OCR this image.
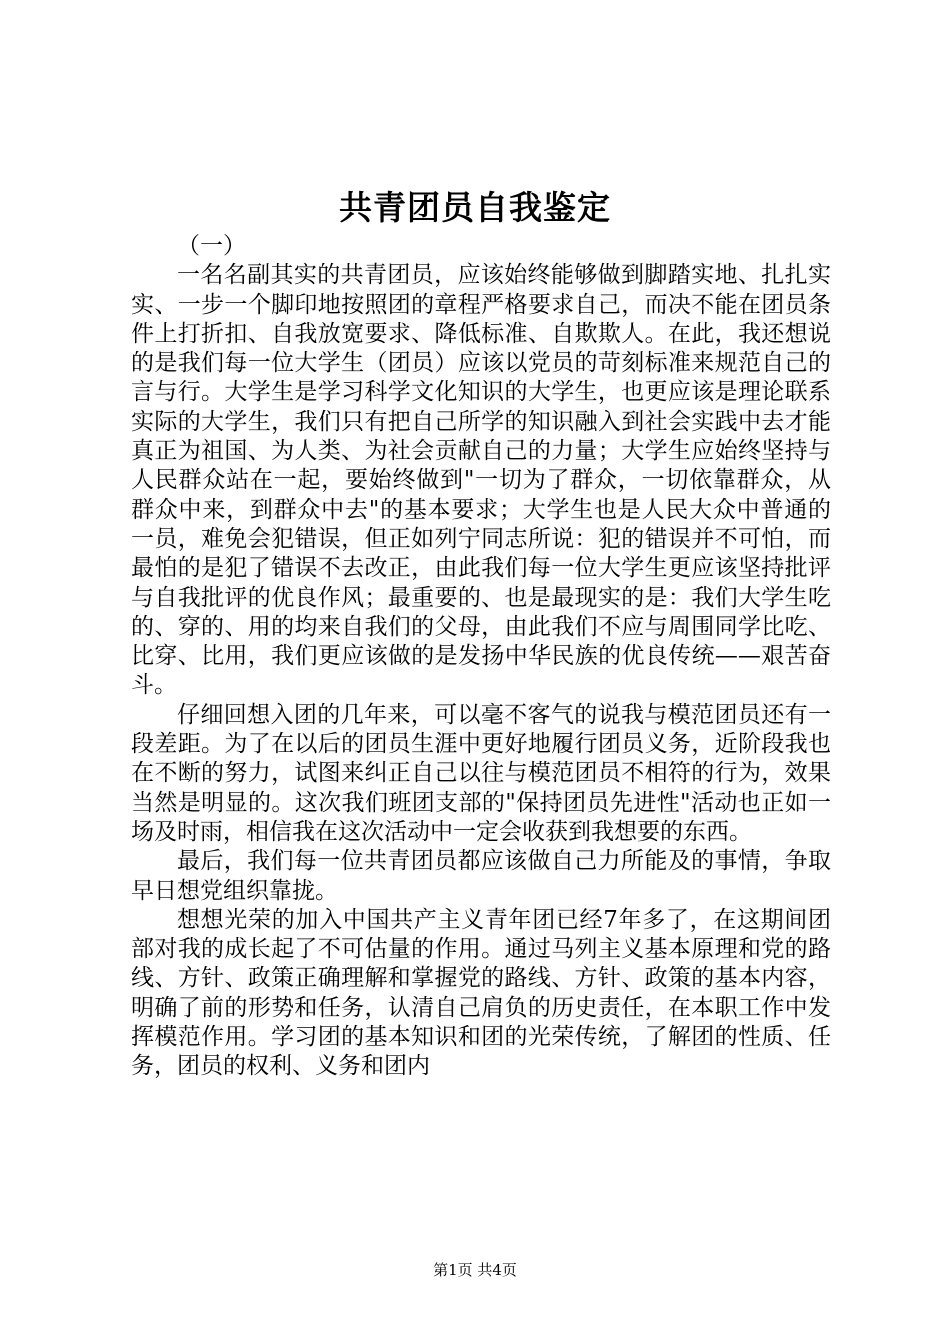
共青团员自我鉴定

（一）

一名名副其实的共青团员，应该始终能够做到脚踏实地、扎扎实实、一步一个脚印地按照团的章程严格要求自己，而决不能在团员条件上打折扣、自我放宽要求、降低标准、自欺欺人。在此，我还想说的是我们每一位大学生（团员）应该以党员的苛刻标准来规范自己的言与行。大学生是学习科学文化知识的大学生，也更应该是理论联系实际的大学生，我们只有把自己所学的知识融入到社会实践中去才能真正为祖国、为人类、为社会贡献自己的力量；大学生应始终坚持与人民群众站在一起，要始终做到"一切为了群众，一切依靠群众，从群众中来，到群众中去"的基本要求；大学生也是人民大众中普通的一员，难免会犯错误，但正如列宁同志所说：犯的错误并不可怕，而最怕的是犯了错误不去改正，由此我们每一位大学生更应该坚持批评与自我批评的优良作风；最重要的、也是最现实的是：我们大学生吃的、穿的、用的均来自我们的父母，由此我们不应与周围同学比吃、比穿、比用，我们更应该做的是发扬中华民族的优良传统——艰苦奋斗。

仔细回想入团的几年来，可以毫不客气的说我与模范团员还有一段差距。为了在以后的团员生涯中更好地履行团员义务，近阶段我也在不断的努力，试图来纠正自己以往与模范团员不相符的行为，效果当然是明显的。这次我们班团支部的"保持团员先进性"活动也正如一场及时雨，相信我在这次活动中一定会收获到我想要的东西。

最后，我们每一位共青团员都应该做自己力所能及的事情，争取早日想党组织靠拢。

想想光荣的加入中国共产主义青年团已经7年多了，在这期间团部对我的成长起了不可估量的作用。通过马列主义基本原理和党的路线、方针、政策正确理解和掌握党的路线、方针、政策的基本内容，明确了前的形势和任务，认清自己肩负的历史责任，在本职工作中发挥模范作用。学习团的基本知识和团的光荣传统，了解团的性质、任务，团员的权利、义务和团内

第1页 共4页
